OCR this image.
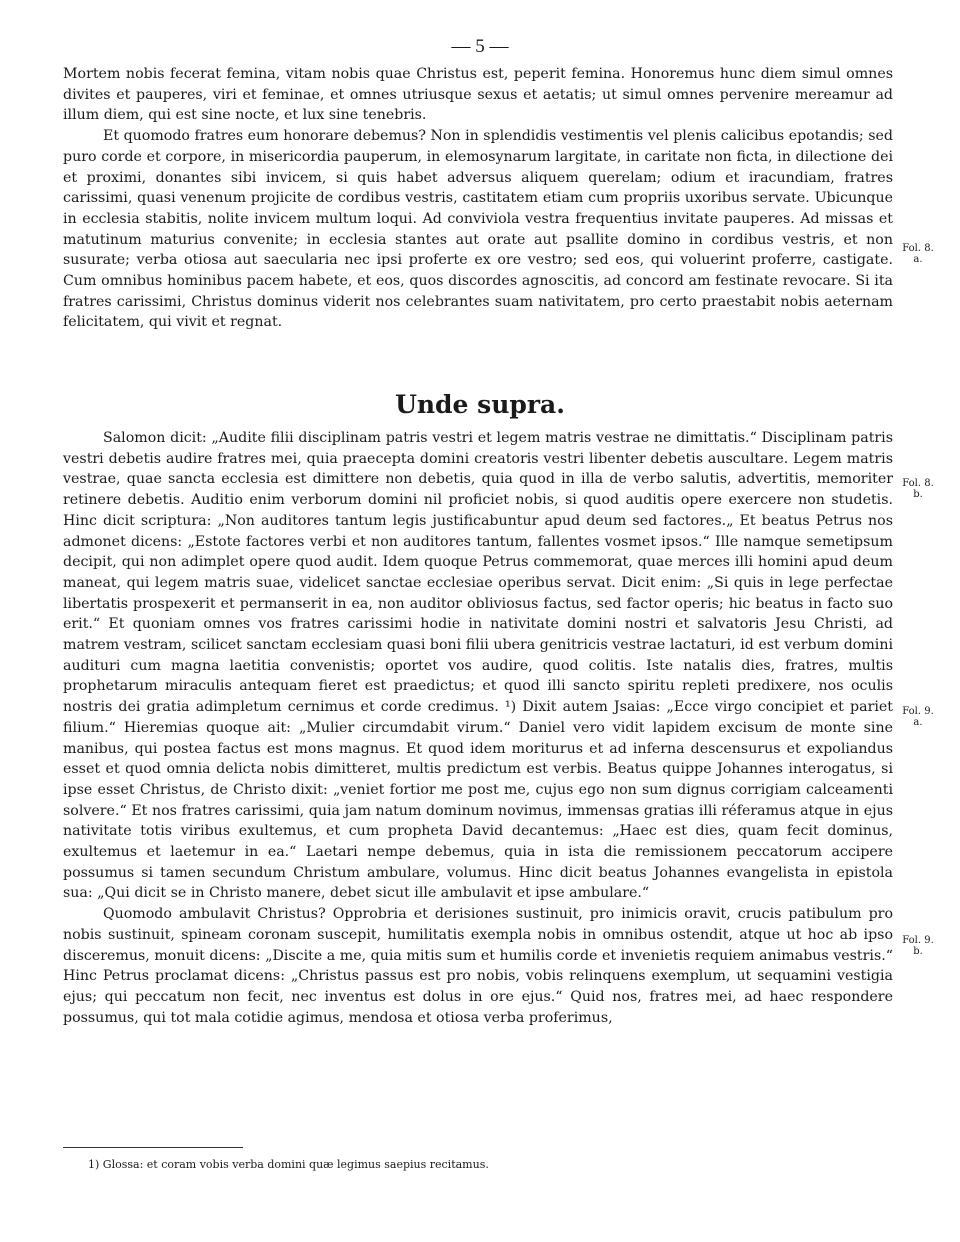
— 5 —

Mortem nobis fecerat femina, vitam nobis quae Christus est, peperit femina. Honoremus hunc diem simul omnes divites et pauperes, viri et feminae, et omnes utriusque sexus et aetatis; ut simul omnes pervenire mereamur ad illum diem, qui est sine nocte, et lux sine tenebris.

Et quomodo fratres eum honorare debemus? Non in splendidis vestimentis vel plenis calicibus epotandis; sed puro corde et corpore, in misericordia pauperum, in elemosynarum largitate, in caritate non ficta, in dilectione dei et proximi, donantes sibi invicem, si quis habet adversus aliquem querelam; odium et iracundiam, fratres carissimi, quasi venenum projicite de cordibus vestris, castitatem etiam cum propriis uxoribus servate. Ubicunque in ecclesia stabitis, nolite invicem multum loqui. Ad conviviola vestra frequentius invitate pauperes. Ad missas et matutinum maturius convenite; in ecclesia stantes aut orate aut psallite domino in cordibus vestris, et non susurate; verba otiosa aut saecularia nec ipsi proferte ex ore vestro; sed eos, qui voluerint proferre, castigate. Cum omnibus hominibus pacem habete, et eos, quos discordes agnoscitis, ad concord am festinate revocare. Si ita fratres carissimi, Christus dominus viderit nos celebrantes suam nativitatem, pro certo praestabit nobis aeternam felicitatem, qui vivit et regnat.

Unde supra.

Salomon dicit: „Audite filii disciplinam patris vestri et legem matris vestrae ne dimittatis.“ Disciplinam patris vestri debetis audire fratres mei, quia praecepta domini creatoris vestri libenter debetis auscultare. Legem matris vestrae, quae sancta ecclesia est dimittere non debetis, quia quod in illa de verbo salutis, advertitis, memoriter retinere debetis. Auditio enim verborum domini nil proficiet nobis, si quod auditis opere exercere non studetis. Hinc dicit scriptura: „Non auditores tantum legis justificabuntur apud deum sed factores.„ Et beatus Petrus nos admonet dicens: „Estote factores verbi et non auditores tantum, fallentes vosmet ipsos.“ Ille namque semetipsum decipit, qui non adimplet opere quod audit. Idem quoque Petrus commemorat, quae merces illi homini apud deum maneat, qui legem matris suae, videlicet sanctae ecclesiae operibus servat. Dicit enim: „Si quis in lege perfectae libertatis prospexerit et permanserit in ea, non auditor obliviosus factus, sed factor operis; hic beatus in facto suo erit.“ Et quoniam omnes vos fratres carissimi hodie in nativitate domini nostri et salvatoris Jesu Christi, ad matrem vestram, scilicet sanctam ecclesiam quasi boni filii ubera genitricis vestrae lactaturi, id est verbum domini audituri cum magna laetitia convenistis; oportet vos audire, quod colitis. Iste natalis dies, fratres, multis prophetarum miraculis antequam fieret est praedictus; et quod illi sancto spiritu repleti predixere, nos oculis nostris dei gratia adimpletum cernimus et corde credimus. ¹) Dixit autem Jsaias: „Ecce virgo concipiet et pariet filium.“ Hieremias quoque ait: „Mulier circumdabit virum.“ Daniel vero vidit lapidem excisum de monte sine manibus, qui postea factus est mons magnus. Et quod idem moriturus et ad inferna descensurus et expoliandus esset et quod omnia delicta nobis dimitteret, multis predictum est verbis. Beatus quippe Johannes interogatus, si ipse esset Christus, de Christo dixit: „veniet fortior me post me, cujus ego non sum dignus corrigiam calceamenti solvere.“ Et nos fratres carissimi, quia jam natum dominum novimus, immensas gratias illi réferamus atque in ejus nativitate totis viribus exultemus, et cum propheta David decantemus: „Haec est dies, quam fecit dominus, exultemus et laetemur in ea.“ Laetari nempe debemus, quia in ista die remissionem peccatorum accipere possumus si tamen secundum Christum ambulare, volumus. Hinc dicit beatus Johannes evangelista in epistola sua: „Qui dicit se in Christo manere, debet sicut ille ambulavit et ipse ambulare.“

Quomodo ambulavit Christus? Opprobria et derisiones sustinuit, pro inimicis oravit, crucis patibulum pro nobis sustinuit, spineam coronam suscepit, humilitatis exempla nobis in omnibus ostendit, atque ut hoc ab ipso disceremus, monuit dicens: „Discite a me, quia mitis sum et humilis corde et invenietis requiem animabus vestris.“ Hinc Petrus proclamat dicens: „Christus passus est pro nobis, vobis relinquens exemplum, ut sequamini vestigia ejus; qui peccatum non fecit, nec inventus est dolus in ore ejus.“ Quid nos, fratres mei, ad haec respondere possumus, qui tot mala cotidie agimus, mendosa et otiosa verba proferimus,

Fol. 8.
a.
Fol. 8.
b.
Fol. 9.
a.
Fol. 9.
b.
1) Glossa: et coram vobis verba domini quæ legimus saepius recitamus.
